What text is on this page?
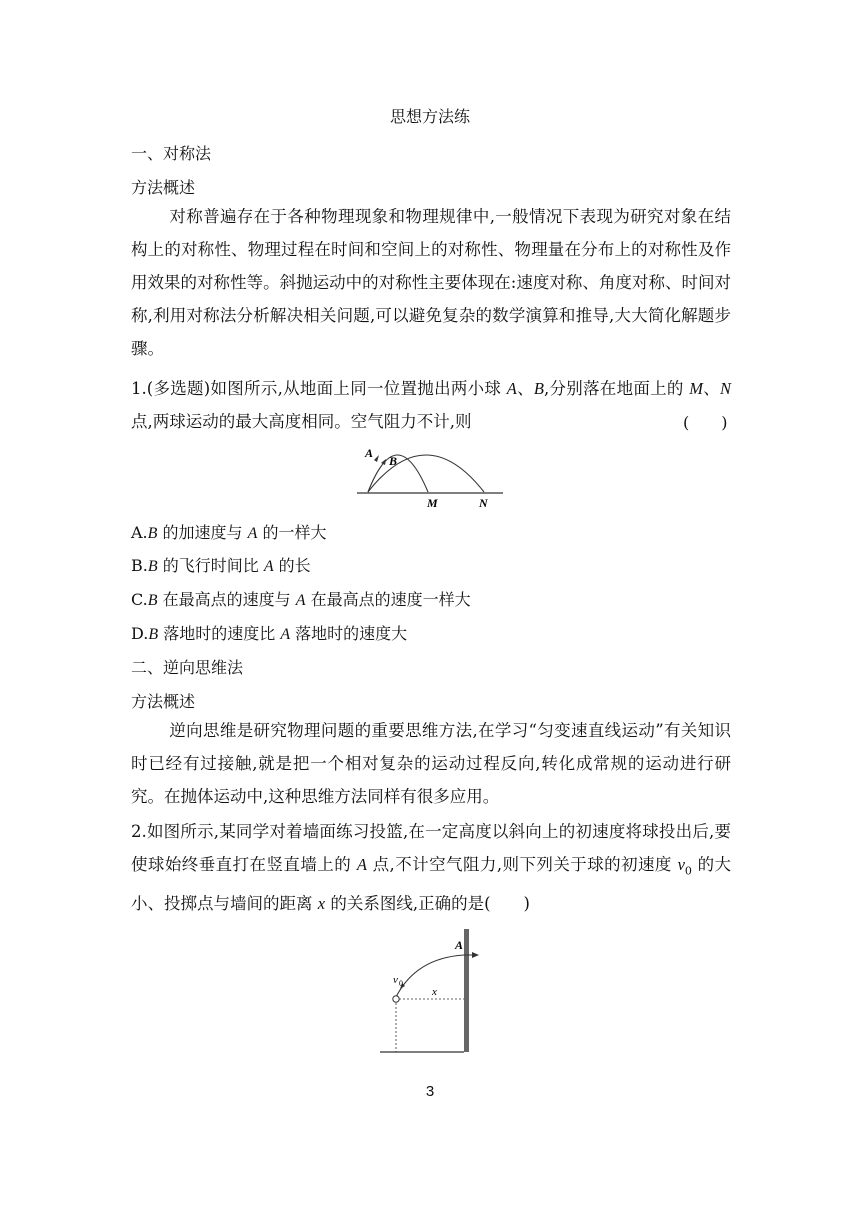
思想方法练
一、对称法
方法概述
对称普遍存在于各种物理现象和物理规律中,一般情况下表现为研究对象在结构上的对称性、物理过程在时间和空间上的对称性、物理量在分布上的对称性及作用效果的对称性等。斜抛运动中的对称性主要体现在:速度对称、角度对称、时间对称,利用对称法分析解决相关问题,可以避免复杂的数学演算和推导,大大简化解题步骤。
1.(多选题)如图所示,从地面上同一位置抛出两小球 A、B,分别落在地面上的 M、N 点,两球运动的最大高度相同。空气阻力不计,则	(　　)
A
B
M	N
A.B 的加速度与 A 的一样大
B.B 的飞行时间比 A 的长
C.B 在最高点的速度与 A 在最高点的速度一样大
D.B 落地时的速度比 A 落地时的速度大
二、逆向思维法
方法概述
逆向思维是研究物理问题的重要思维方法,在学习“匀变速直线运动”有关知识时已经有过接触,就是把一个相对复杂的运动过程反向,转化成常规的运动进行研究。在抛体运动中,这种思维方法同样有很多应用。
2.如图所示,某同学对着墙面练习投篮,在一定高度以斜向上的初速度将球投出后,要使球始终垂直打在竖直墙上的 A 点,不计空气阻力,则下列关于球的初速度 $v_0$ 的大小、投掷点与墙间的距离 x 的关系图线,正确的是(　　)
A
v 0
x
3
